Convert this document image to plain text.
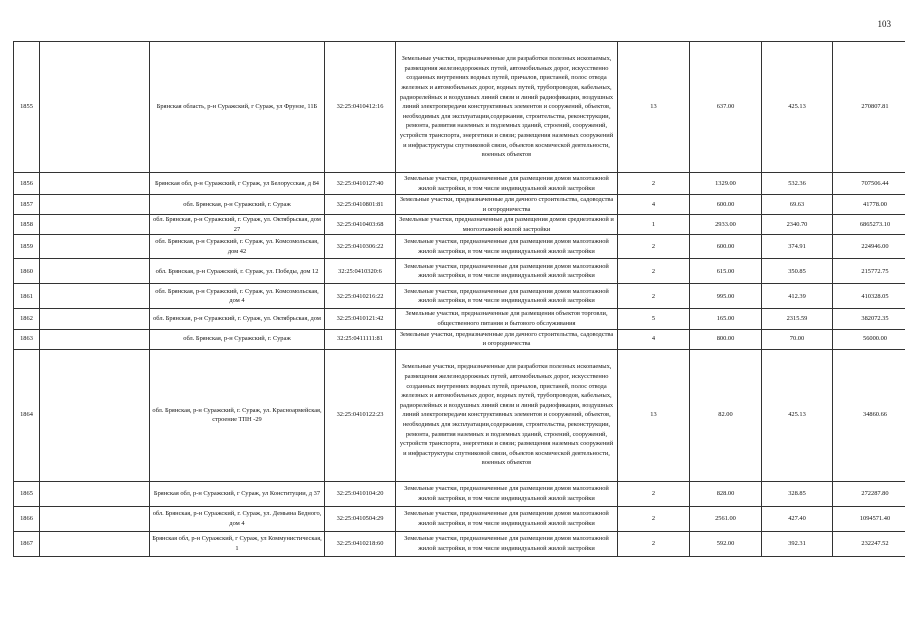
103
1855		Брянская область, р-н Суражский, г Сураж, ул Фрунзе, 11Б	32:25:0410412:16	Земельные участки, предназначенные для разработки полезных ископаемых, размещения железнодорожных путей, автомобильных дорог, искусственно созданных внутренних водных путей, причалов, пристаней, полос отвода железных и автомобильных дорог, водных путей, трубопроводов, кабельных, радиорелейных и воздушных линий связи и линий радиофикации, воздушных линий электропередачи конструктивных элементов и сооружений, объектов, необходимых для эксплуатации,содержания, строительства, реконструкции, ремонта, развития наземных и подземных зданий, строений, сооружений, устройств транспорта, энергетики и связи; размещения наземных сооружений и инфраструктуры спутниковой связи, объектов космической деятельности, военных объектов	13	637.00	425.13	270807.81
1856		Брянская обл, р-н Суражский, г Сураж, ул Белорусская, д 84	32:25:0410127:40	Земельные участки, предназначенные для размещения домов малоэтажной жилой застройки, в том числе индивидуальной жилой застройки	2	1329.00	532.36	707506.44
1857		обл. Брянская, р-н Суражский, г. Сураж	32:25:0410801:81	Земельные участки, предназначенные для дачного строительства, садоводства и огородничества	4	600.00	69.63	41778.00
1858		обл. Брянская, р-н Суражский, г. Сураж, ул. Октябрьская, дом 27	32:25:0410403:68	Земельные участки, предназначенные для размещения домов среднеэтажной и многоэтажной жилой застройки	1	2933.00	2340.70	6865273.10
1859		обл. Брянская, р-н Суражский, г. Сураж, ул. Комсомольская, дом 42	32:25:0410306:22	Земельные участки, предназначенные для размещения домов малоэтажной жилой застройки, в том числе индивидуальной жилой застройки	2	600.00	374.91	224946.00
1860		обл. Брянская, р-н Суражский, г. Сураж, ул. Победы, дом 12	32:25:0410320:6	Земельные участки, предназначенные для размещения домов малоэтажной жилой застройки, в том числе индивидуальной жилой застройки	2	615.00	350.85	215772.75
1861		обл. Брянская, р-н Суражский, г. Сураж, ул. Комсомольская, дом 4	32:25:0410216:22	Земельные участки, предназначенные для размещения домов малоэтажной жилой застройки, в том числе индивидуальной жилой застройки	2	995.00	412.39	410328.05
1862		обл. Брянская, р-н Суражский, г. Сураж, ул. Октябрьская, дом	32:25:0410121:42	Земельные участки, предназначенные для размещения объектов торговли, общественного питания и бытового обслуживания	5	165.00	2315.59	382072.35
1863		обл. Брянская, р-н Суражский, г. Сураж	32:25:0411111:81	Земельные участки, предназначенные для дачного строительства, садоводства и огородничества	4	800.00	70.00	56000.00
1864		обл. Брянская, р-н Суражский, г. Сураж, ул. Красноармейская, строение ТПН -29	32:25:0410122:23	Земельные участки, предназначенные для разработки полезных ископаемых, размещения железнодорожных путей, автомобильных дорог, искусственно созданных внутренних водных путей, причалов, пристаней, полос отвода железных и автомобильных дорог, водных путей, трубопроводов, кабельных, радиорелейных и воздушных линий связи и линий радиофикации, воздушных линий электропередачи конструктивных элементов и сооружений, объектов, необходимых для эксплуатации,содержания, строительства, реконструкции, ремонта, развития наземных и подземных зданий, строений, сооружений, устройств транспорта, энергетики и связи; размещения наземных сооружений и инфраструктуры спутниковой связи, объектов космической деятельности, военных объектов	13	82.00	425.13	34860.66
1865		Брянская обл, р-н Суражский, г Сураж, ул Конституции, д 37	32:25:0410104:20	Земельные участки, предназначенные для размещения домов малоэтажной жилой застройки, в том числе индивидуальной жилой застройки	2	828.00	328.85	272287.80
1866		обл. Брянская, р-н Суражский, г. Сураж, ул. Демьяна Бедного, дом 4	32:25:0410504:29	Земельные участки, предназначенные для размещения домов малоэтажной жилой застройки, в том числе индивидуальной жилой застройки	2	2561.00	427.40	1094571.40
1867		Брянская обл, р-н Суражский, г Сураж, ул Коммунистическая, 1	32:25:0410218:60	Земельные участки, предназначенные для размещения домов малоэтажной жилой застройки, в том числе индивидуальной жилой застройки	2	592.00	392.31	232247.52
